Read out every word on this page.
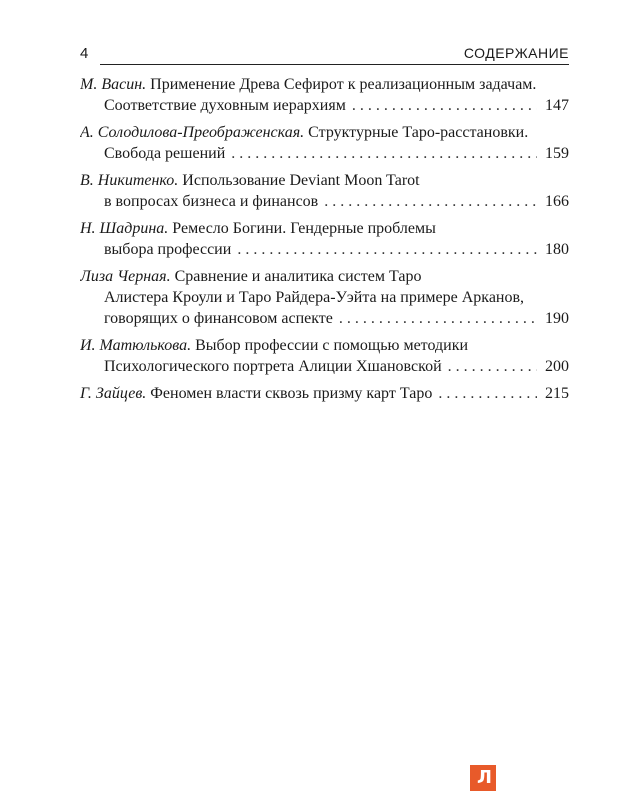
4	СОДЕРЖАНИЕ
М. Васин. Применение Древа Сефирот к реализационным задачам.
Соответствие духовным иерархиям . . .	147
А. Солодилова-Преображенская. Структурные Таро-расстановки.
Свобода решений . . .	159
В. Никитенко. Использование Deviant Moon Tarot
в вопросах бизнеса и финансов . . .	166
Н. Шадрина. Ремесло Богини. Гендерные проблемы
выбора профессии . . .	180
Лиза Черная. Сравнение и аналитика систем Таро
Алистера Кроули и Таро Райдера-Уэйта на примере Арканов,
говорящих о финансовом аспекте . . .	190
И. Матюлькова. Выбор профессии с помощью методики
Психологического портрета Алиции Хшановской . . .	200
Г. Зайцев. Феномен власти сквозь призму карт Таро . . .	215
Л
